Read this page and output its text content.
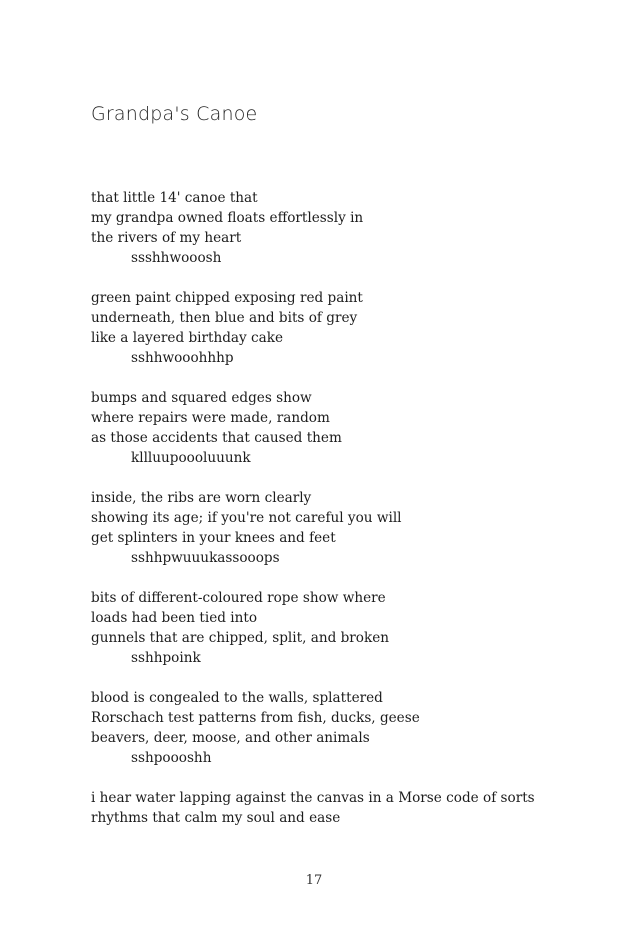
Grandpa's Canoe
that little 14' canoe that
my grandpa owned floats effortlessly in
the rivers of my heart
ssshhwooosh
green paint chipped exposing red paint
underneath, then blue and bits of grey
like a layered birthday cake
sshhwooohhhp
bumps and squared edges show
where repairs were made, random
as those accidents that caused them
kllluupoooluuunk
inside, the ribs are worn clearly
showing its age; if you're not careful you will
get splinters in your knees and feet
sshhpwuuukassooops
bits of different-coloured rope show where
loads had been tied into
gunnels that are chipped, split, and broken
sshhpoink
blood is congealed to the walls, splattered
Rorschach test patterns from fish, ducks, geese
beavers, deer, moose, and other animals
sshpoooshh
i hear water lapping against the canvas in a Morse code of sorts
rhythms that calm my soul and ease
17
